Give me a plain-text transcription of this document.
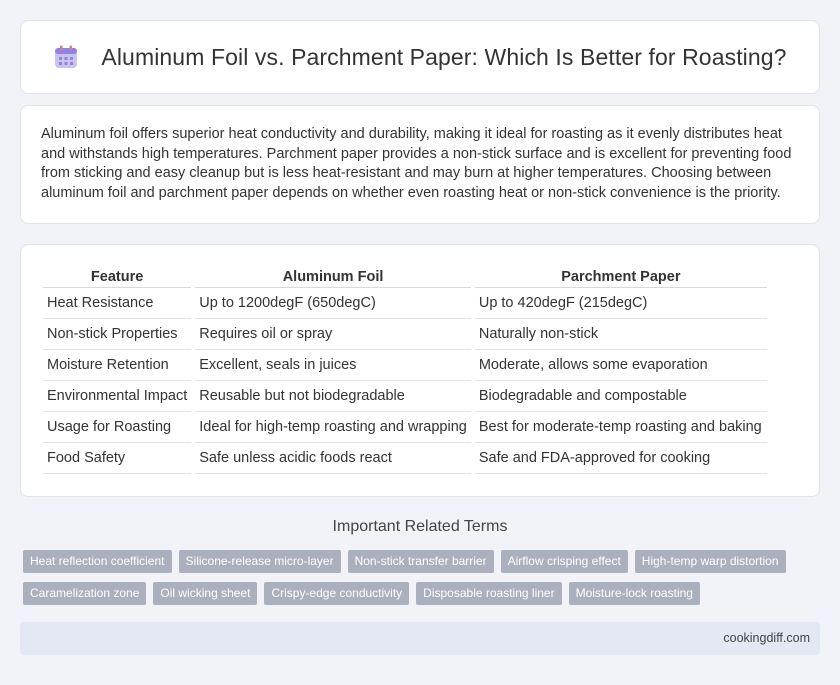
Aluminum Foil vs. Parchment Paper: Which Is Better for Roasting?

Aluminum foil offers superior heat conductivity and durability, making it ideal for roasting as it evenly distributes heat and withstands high temperatures. Parchment paper provides a non-stick surface and is excellent for preventing food from sticking and easy cleanup but is less heat-resistant and may burn at higher temperatures. Choosing between aluminum foil and parchment paper depends on whether even roasting heat or non-stick convenience is the priority.

Feature	Aluminum Foil	Parchment Paper
Heat Resistance	Up to 1200degF (650degC)	Up to 420degF (215degC)
Non-stick Properties	Requires oil or spray	Naturally non-stick
Moisture Retention	Excellent, seals in juices	Moderate, allows some evaporation
Environmental Impact	Reusable but not biodegradable	Biodegradable and compostable
Usage for Roasting	Ideal for high-temp roasting and wrapping	Best for moderate-temp roasting and baking
Food Safety	Safe unless acidic foods react	Safe and FDA-approved for cooking
Important Related Terms
Heat reflection coefficient	Silicone-release micro-layer	Non-stick transfer barrier	Airflow crisping effect	High-temp warp distortion
Caramelization zone	Oil wicking sheet	Crispy-edge conductivity	Disposable roasting liner	Moisture-lock roasting
cookingdiff.com
